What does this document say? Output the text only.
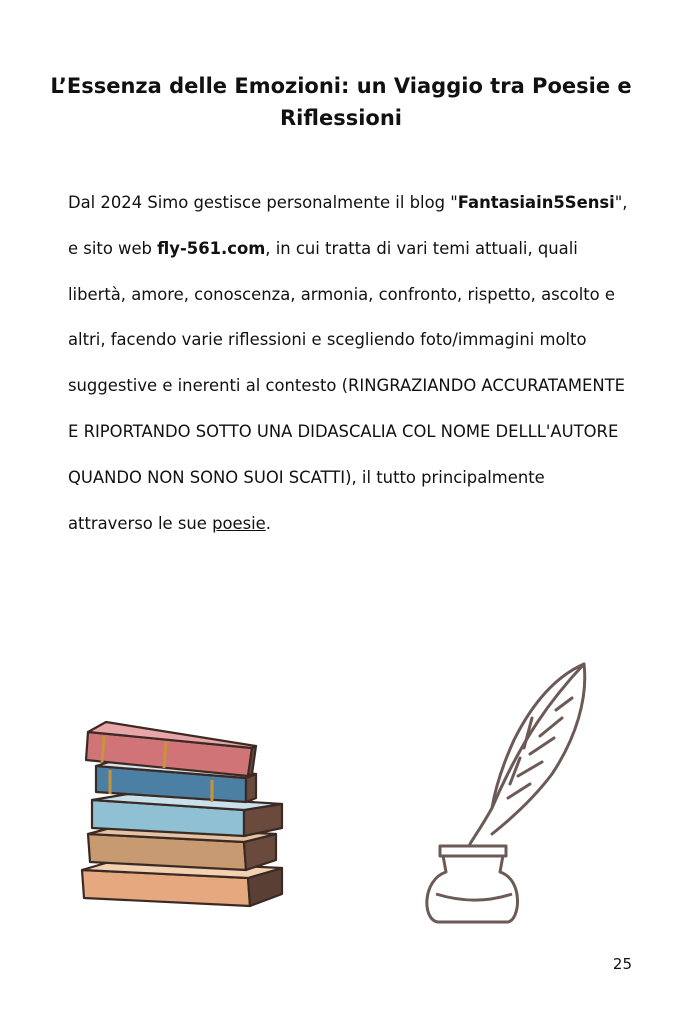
L’Essenza delle Emozioni: un Viaggio tra Poesie e Riflessioni

Dal 2024 Simo gestisce personalmente il blog "Fantasiain5Sensi", e sito web fly-561.com, in cui tratta di vari temi attuali, quali libertà, amore, conoscenza, armonia, confronto, rispetto, ascolto e altri, facendo varie riflessioni e scegliendo foto/immagini molto suggestive e inerenti al contesto (RINGRAZIANDO ACCURATAMENTE E RIPORTANDO SOTTO UNA DIDASCALIA COL NOME DELLL'AUTORE QUANDO NON SONO SUOI SCATTI), il tutto principalmente attraverso le sue poesie.

25
